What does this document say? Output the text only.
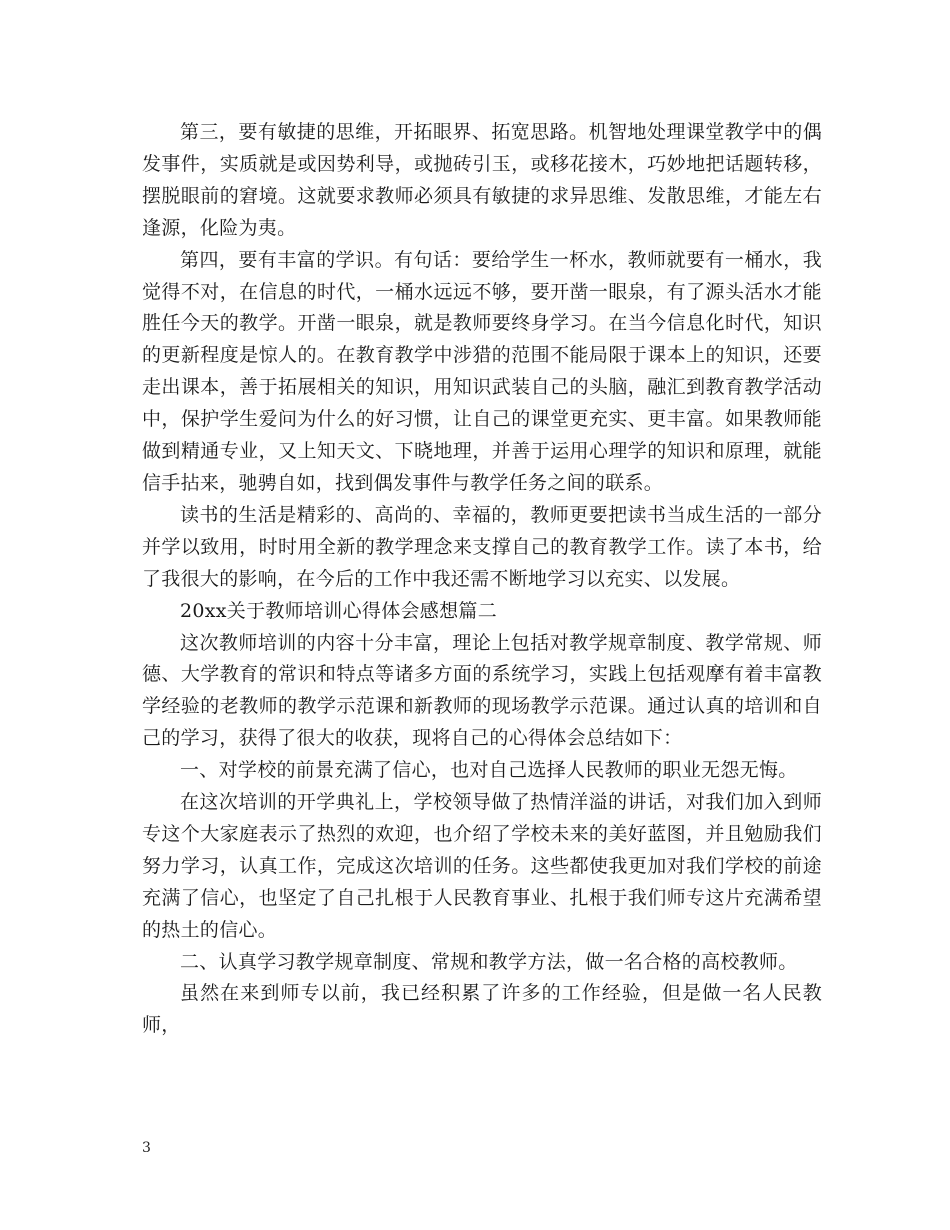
第三，要有敏捷的思维，开拓眼界、拓宽思路。机智地处理课堂教学中的偶发事件，实质就是或因势利导，或抛砖引玉，或移花接木，巧妙地把话题转移，摆脱眼前的窘境。这就要求教师必须具有敏捷的求异思维、发散思维，才能左右逢源，化险为夷。

第四，要有丰富的学识。有句话：要给学生一杯水，教师就要有一桶水，我觉得不对，在信息的时代，一桶水远远不够，要开凿一眼泉，有了源头活水才能胜任今天的教学。开凿一眼泉，就是教师要终身学习。在当今信息化时代，知识的更新程度是惊人的。在教育教学中涉猎的范围不能局限于课本上的知识，还要走出课本，善于拓展相关的知识，用知识武装自己的头脑，融汇到教育教学活动中，保护学生爱问为什么的好习惯，让自己的课堂更充实、更丰富。如果教师能做到精通专业，又上知天文、下晓地理，并善于运用心理学的知识和原理，就能信手拈来，驰骋自如，找到偶发事件与教学任务之间的联系。

读书的生活是精彩的、高尚的、幸福的，教师更要把读书当成生活的一部分并学以致用，时时用全新的教学理念来支撑自己的教育教学工作。读了本书，给了我很大的影响，在今后的工作中我还需不断地学习以充实、以发展。

20xx关于教师培训心得体会感想篇二

这次教师培训的内容十分丰富，理论上包括对教学规章制度、教学常规、师德、大学教育的常识和特点等诸多方面的系统学习，实践上包括观摩有着丰富教学经验的老教师的教学示范课和新教师的现场教学示范课。通过认真的培训和自己的学习，获得了很大的收获，现将自己的心得体会总结如下：

一、对学校的前景充满了信心，也对自己选择人民教师的职业无怨无悔。

在这次培训的开学典礼上，学校领导做了热情洋溢的讲话，对我们加入到师专这个大家庭表示了热烈的欢迎，也介绍了学校未来的美好蓝图，并且勉励我们努力学习，认真工作，完成这次培训的任务。这些都使我更加对我们学校的前途充满了信心，也坚定了自己扎根于人民教育事业、扎根于我们师专这片充满希望的热土的信心。

二、认真学习教学规章制度、常规和教学方法，做一名合格的高校教师。

虽然在来到师专以前，我已经积累了许多的工作经验，但是做一名人民教师，

3
